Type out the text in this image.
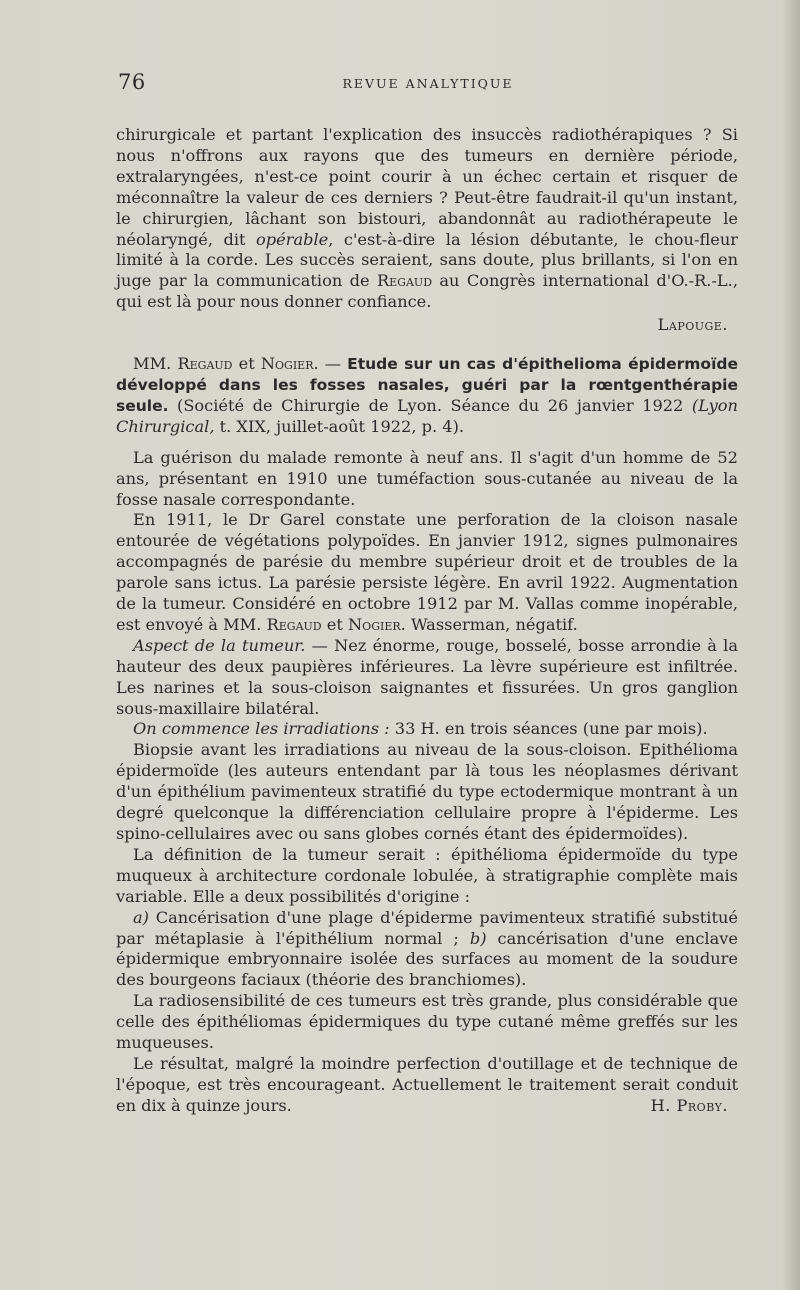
76	REVUE ANALYTIQUE

chirurgicale et partant l'explication des insuccès radiothérapiques ? Si nous n'offrons aux rayons que des tumeurs en dernière période, extralaryngées, n'est-ce point courir à un échec certain et risquer de méconnaître la valeur de ces derniers ? Peut-être faudrait-il qu'un instant, le chirurgien, lâchant son bistouri, abandonnât au radiothérapeute le néolaryngé, dit opérable, c'est-à-dire la lésion débutante, le chou-fleur limité à la corde. Les succès seraient, sans doute, plus brillants, si l'on en juge par la communication de Regaud au Congrès international d'O.-R.-L., qui est là pour nous donner confiance.

Lapouge.

MM. Regaud et Nogier. — Etude sur un cas d'épithelioma épidermoïde développé dans les fosses nasales, guéri par la rœntgenthérapie seule. (Société de Chirurgie de Lyon. Séance du 26 janvier 1922 (Lyon Chirurgical, t. XIX, juillet-août 1922, p. 4).

La guérison du malade remonte à neuf ans. Il s'agit d'un homme de 52 ans, présentant en 1910 une tuméfaction sous-cutanée au niveau de la fosse nasale correspondante.

En 1911, le Dr Garel constate une perforation de la cloison nasale entourée de végétations polypoïdes. En janvier 1912, signes pulmonaires accompagnés de parésie du membre supérieur droit et de troubles de la parole sans ictus. La parésie persiste légère. En avril 1922. Augmentation de la tumeur. Considéré en octobre 1912 par M. Vallas comme inopérable, est envoyé à MM. Regaud et Nogier. Wasserman, négatif.

Aspect de la tumeur. — Nez énorme, rouge, bosselé, bosse arrondie à la hauteur des deux paupières inférieures. La lèvre supérieure est infiltrée. Les narines et la sous-cloison saignantes et fissurées. Un gros ganglion sous-maxillaire bilatéral.

On commence les irradiations : 33 H. en trois séances (une par mois).

Biopsie avant les irradiations au niveau de la sous-cloison. Epithélioma épidermoïde (les auteurs entendant par là tous les néoplasmes dérivant d'un épithélium pavimenteux stratifié du type ectodermique montrant à un degré quelconque la différenciation cellulaire propre à l'épiderme. Les spino-cellulaires avec ou sans globes cornés étant des épidermoïdes).

La définition de la tumeur serait : épithélioma épidermoïde du type muqueux à architecture cordonale lobulée, à stratigraphie complète mais variable. Elle a deux possibilités d'origine :

a) Cancérisation d'une plage d'épiderme pavimenteux stratifié substitué par métaplasie à l'épithélium normal ; b) cancérisation d'une enclave épidermique embryonnaire isolée des surfaces au moment de la soudure des bourgeons faciaux (théorie des branchiomes).

La radiosensibilité de ces tumeurs est très grande, plus considérable que celle des épithéliomas épidermiques du type cutané même greffés sur les muqueuses.

Le résultat, malgré la moindre perfection d'outillage et de technique de l'époque, est très encourageant. Actuellement le traitement serait conduit en dix à quinze jours.	H. Proby.
